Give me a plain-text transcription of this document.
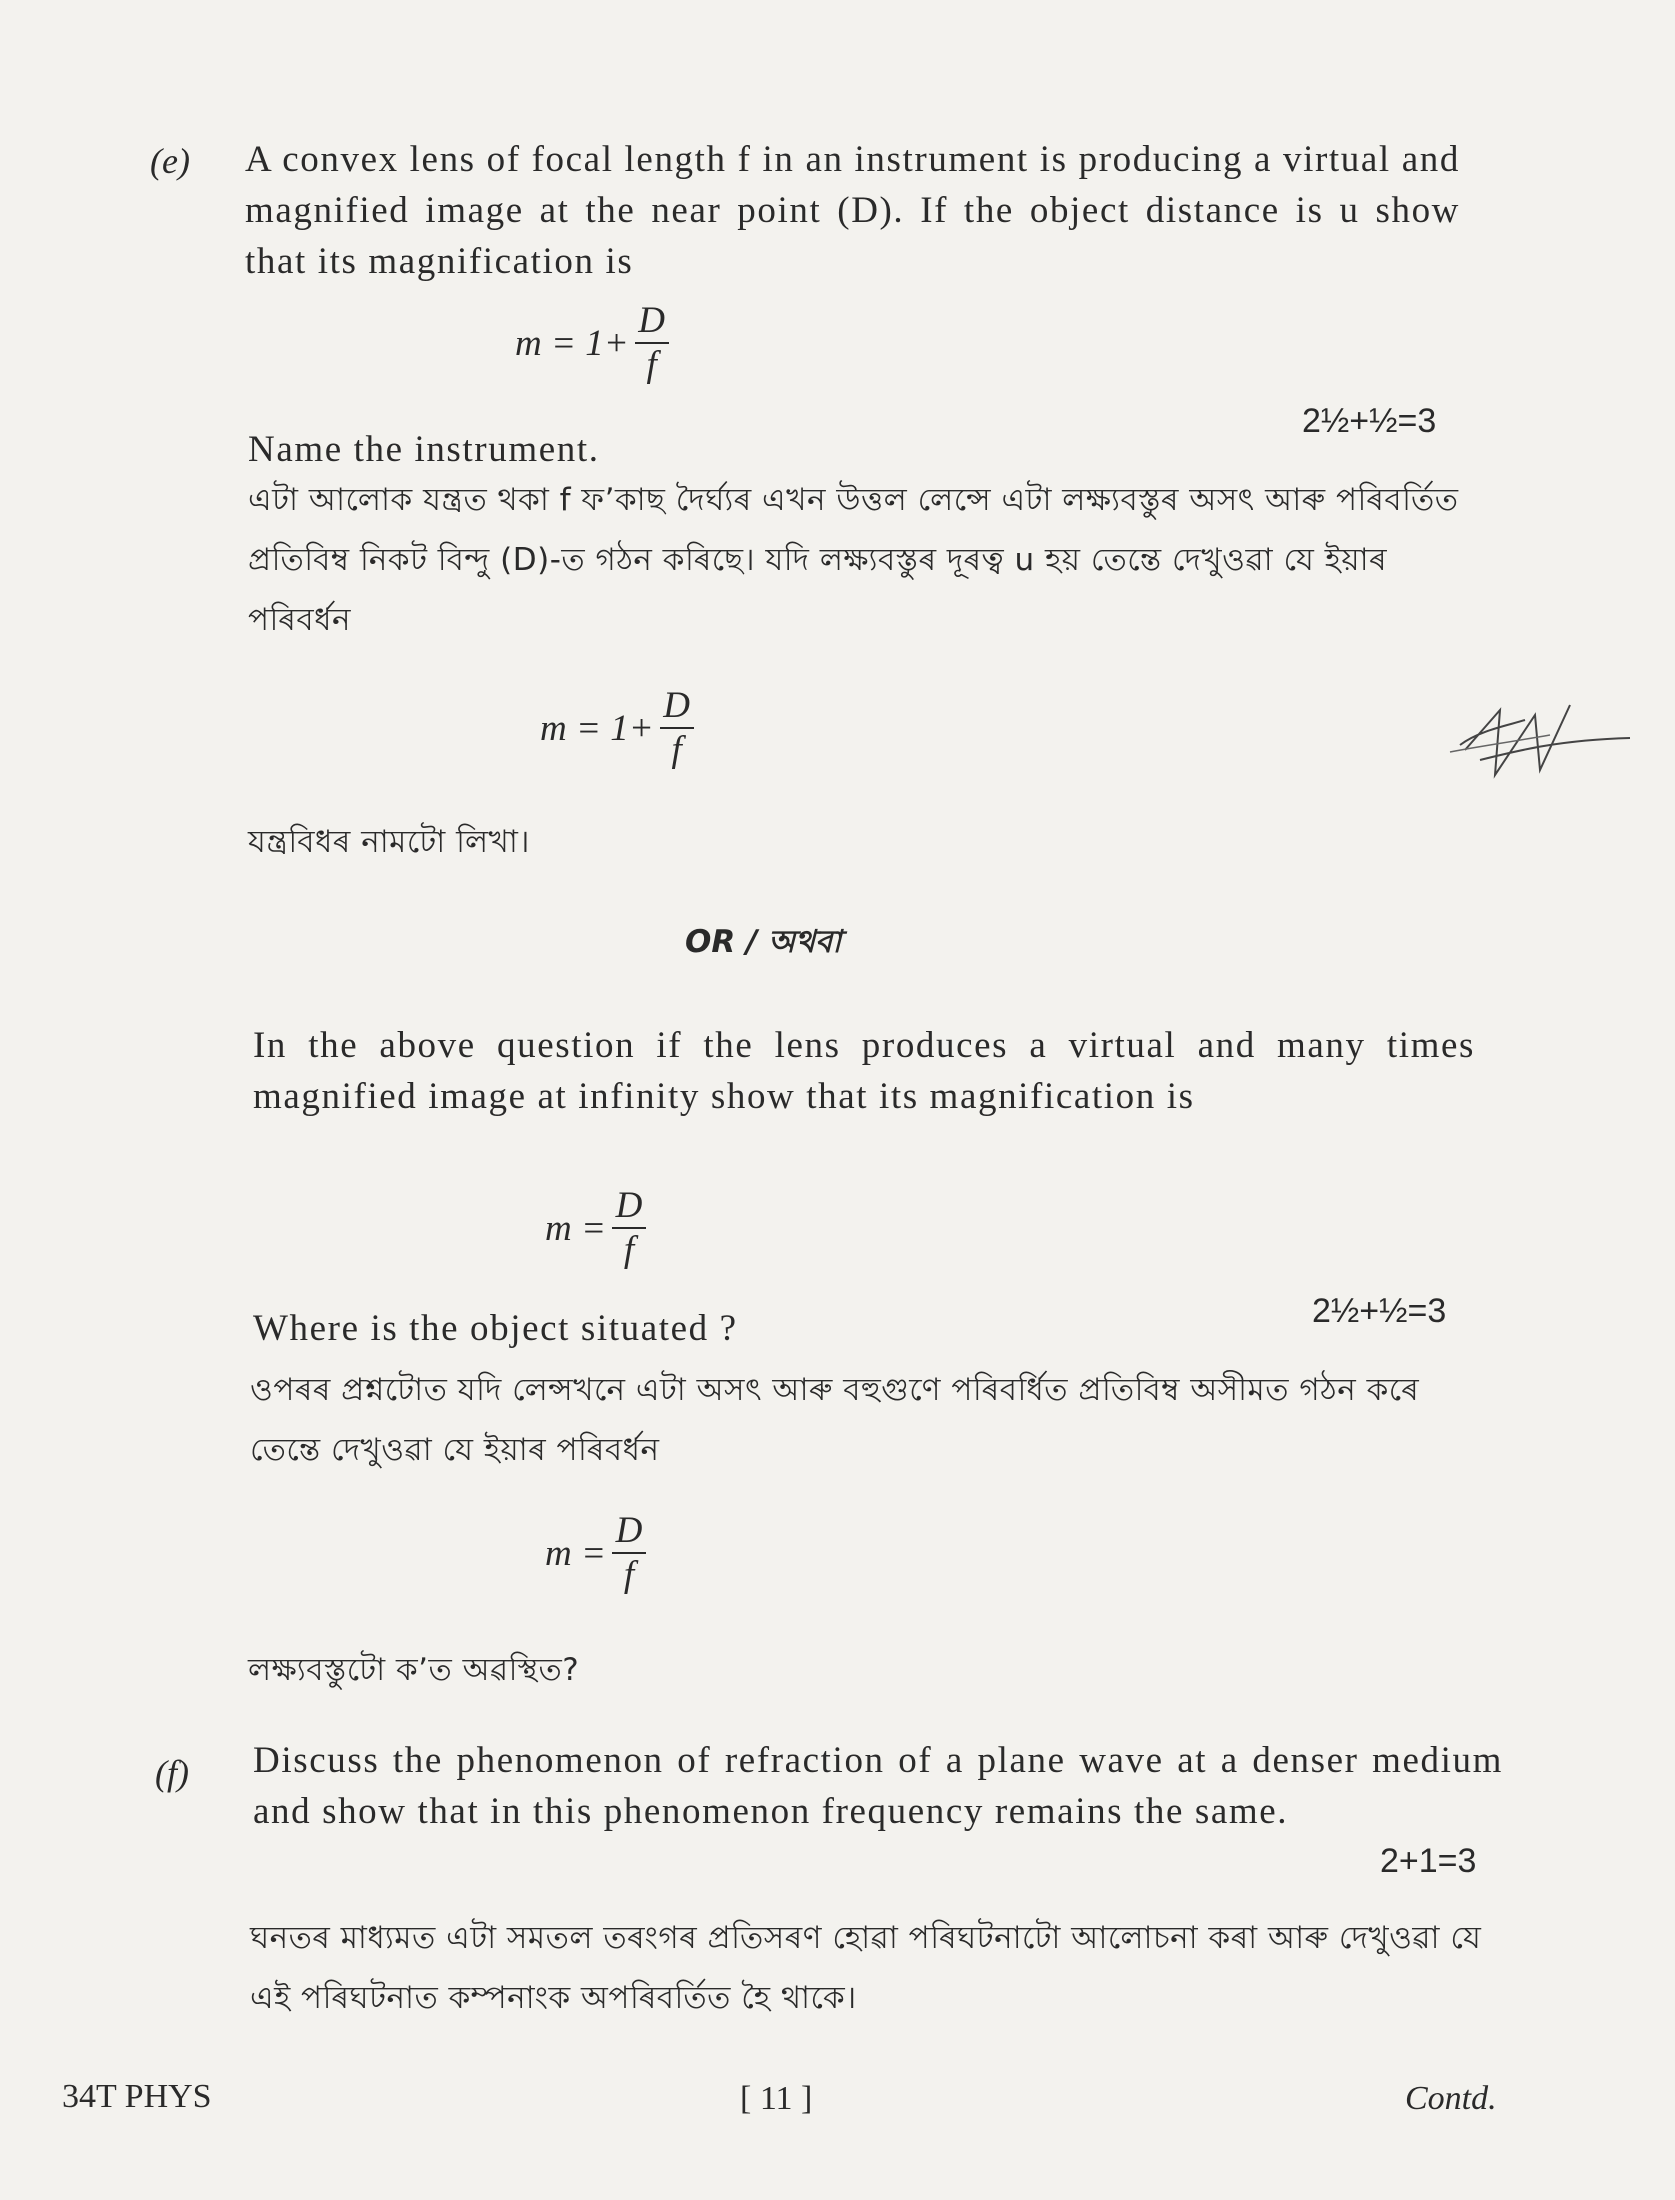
(e) A convex lens of focal length f in an instrument is producing a virtual and magnified image at the near point (D). If the object distance is u show that its magnification is

$m = 1+ \frac{D}{f}$
2½+½=3
Name the instrument.

এটা আলোক যন্ত্ৰত থকা f ফ’কাছ দৈৰ্ঘ্যৰ এখন উত্তল লেন্সে এটা লক্ষ্যবস্তুৰ অসৎ আৰু পৰিবৰ্তিত প্ৰতিবিম্ব নিকট বিন্দু (D)-ত গঠন কৰিছে। যদি লক্ষ্যবস্তুৰ দূৰত্ব u হয় তেন্তে দেখুওৱা যে ইয়াৰ পৰিবৰ্ধন

$m = 1+ \frac{D}{f}$
যন্ত্ৰবিধৰ নামটো লিখা।
OR / অথবা

In the above question if the lens produces a virtual and many times magnified image at infinity show that its magnification is

$m = \frac{D}{f}$
Where is the object situated ?	2½+½=3

ওপৰৰ প্ৰশ্নটোত যদি লেন্সখনে এটা অসৎ আৰু বহুগুণে পৰিবৰ্ধিত প্ৰতিবিম্ব অসীমত গঠন কৰে তেন্তে দেখুওৱা যে ইয়াৰ পৰিবৰ্ধন

$m = \frac{D}{f}$
লক্ষ্যবস্তুটো ক’ত অৱস্থিত?
(f) Discuss the phenomenon of refraction of a plane wave at a denser medium and show that in this phenomenon frequency remains the same.

2+1=3

ঘনতৰ মাধ্যমত এটা সমতল তৰংগৰ প্ৰতিসৰণ হোৱা পৰিঘটনাটো আলোচনা কৰা আৰু দেখুওৱা যে এই পৰিঘটনাত কম্পনাংক অপৰিবৰ্তিত হৈ থাকে।

34T PHYS	[ 11 ]	Contd.
